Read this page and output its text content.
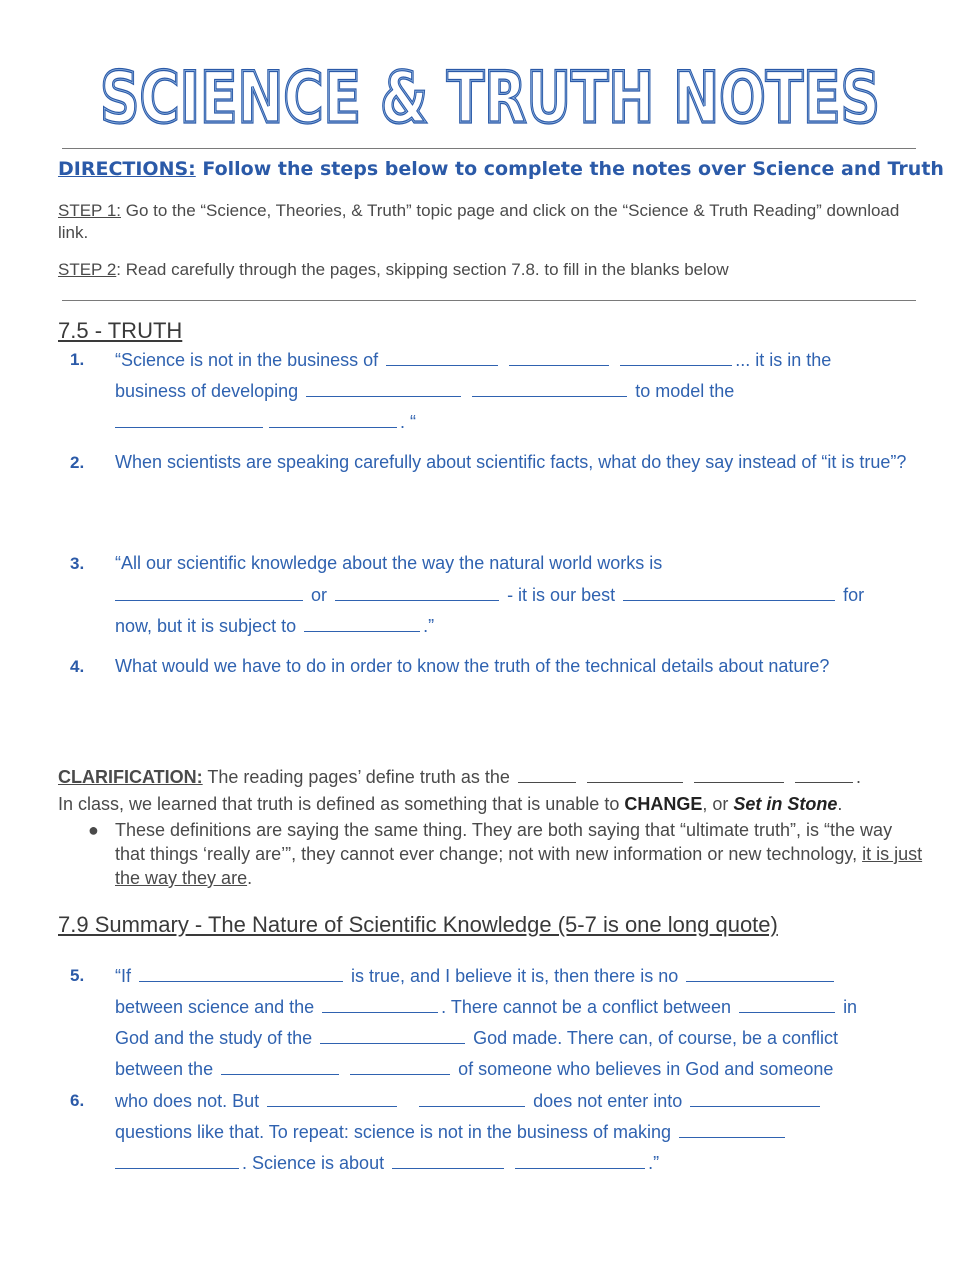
SCIENCE & TRUTH NOTES
SCIENCE & TRUTH NOTES
DIRECTIONS: Follow the steps below to complete the notes over Science and Truth
STEP 1: Go to the “Science, Theories, & Truth” topic page and click on the “Science & Truth Reading” download link.
STEP 2: Read carefully through the pages, skipping section 7.8. to fill in the blanks below
7.5 - TRUTH
1.	“Science is not in the business of	... it is in the
business of developing	to model the
. “
2.	When scientists are speaking carefully about scientific facts, what do they say instead of “it is true”?
3.	“All our scientific knowledge about the way the natural world works is
or	- it is our best	for
now, but it is subject to	.”
4.	What would we have to do in order to know the truth of the technical details about nature?
CLARIFICATION: The reading pages’ define truth as the	.
In class, we learned that truth is defined as something that is unable to CHANGE, or Set in Stone.
● These definitions are saying the same thing. They are both saying that “ultimate truth”, is “the way that things ‘really are’”, they cannot ever change; not with new information or new technology, it is just the way they are.
7.9 Summary - The Nature of Scientific Knowledge (5-7 is one long quote)
5.	“If	is true, and I believe it is, then there is no
between science and the	. There cannot be a conflict between	in
God and the study of the	God made. There can, of course, be a conflict
between the	of someone who believes in God and someone
6.	who does not. But	does not enter into
questions like that. To repeat: science is not in the business of making
. Science is about	.”
